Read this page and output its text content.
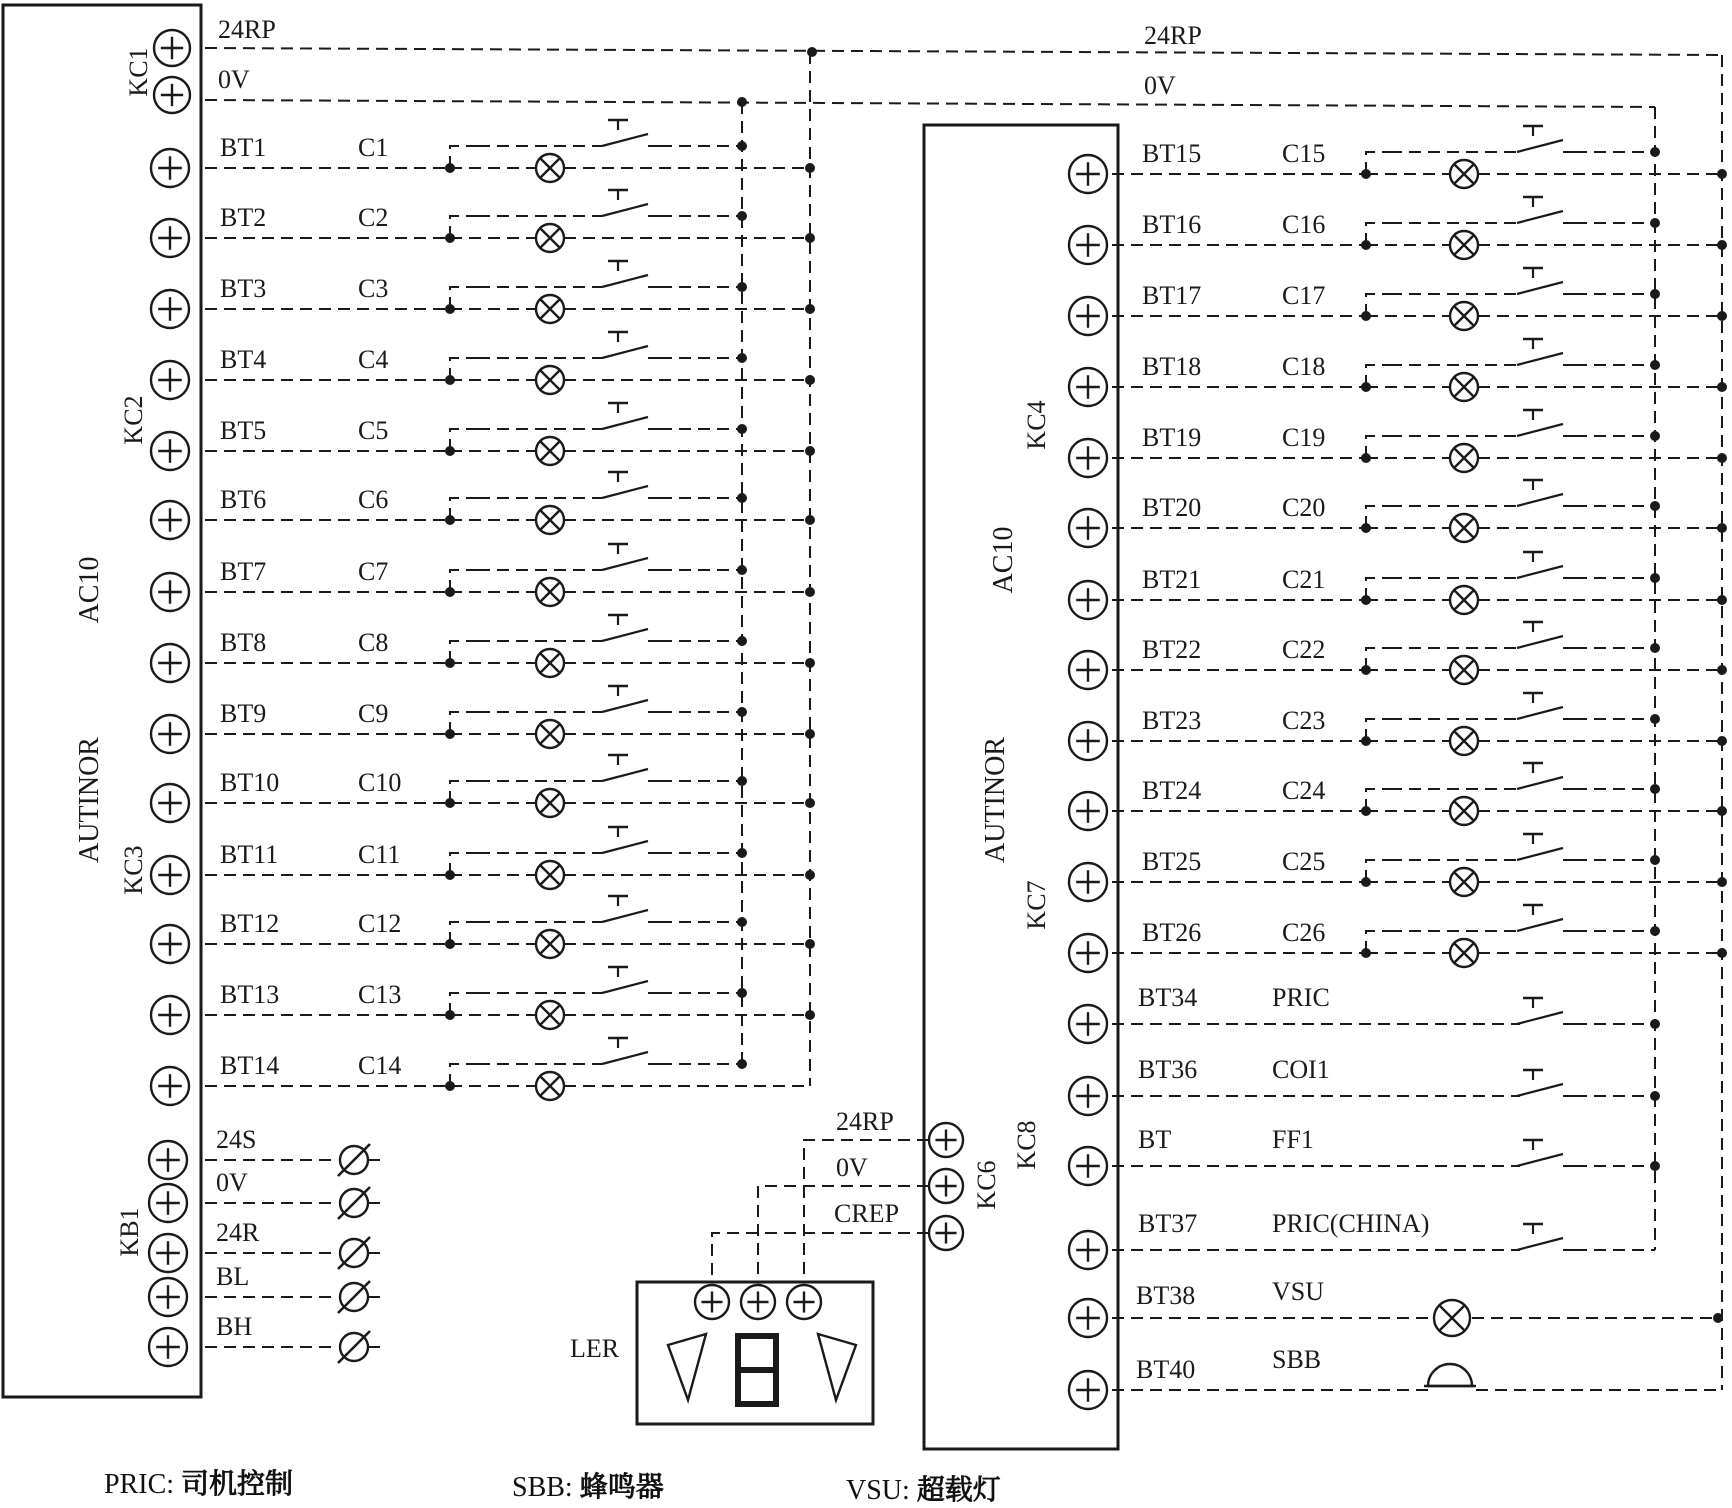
AC10
AUTINOR
KC1
KC2
KC3
KB1
24RP
0V
24RP
0V
BT1	C1
BT2	C2
BT3	C3
BT4	C4
BT5	C5
BT6	C6
BT7	C7
BT8	C8
BT9	C9
BT10	C10
BT11	C11
BT12	C12
BT13	C13
BT14	C14
24S
0V
24R
BL
BH
AC10
AUTINOR
KC4
KC7
KC8
KC6
BT15	C15
BT16	C16
BT17	C17
BT18	C18
BT19	C19
BT20	C20
BT21	C21
BT22	C22
BT23	C23
BT24	C24
BT25	C25
BT26	C26
BT34	PRIC
BT36	COI1
BT	FF1
BT37	PRIC(CHINA)
BT38	VSU
BT40	SBB
24RP
0V
CREP
LER
PRIC: 司机控制	SBB: 蜂鸣器	VSU: 超载灯
